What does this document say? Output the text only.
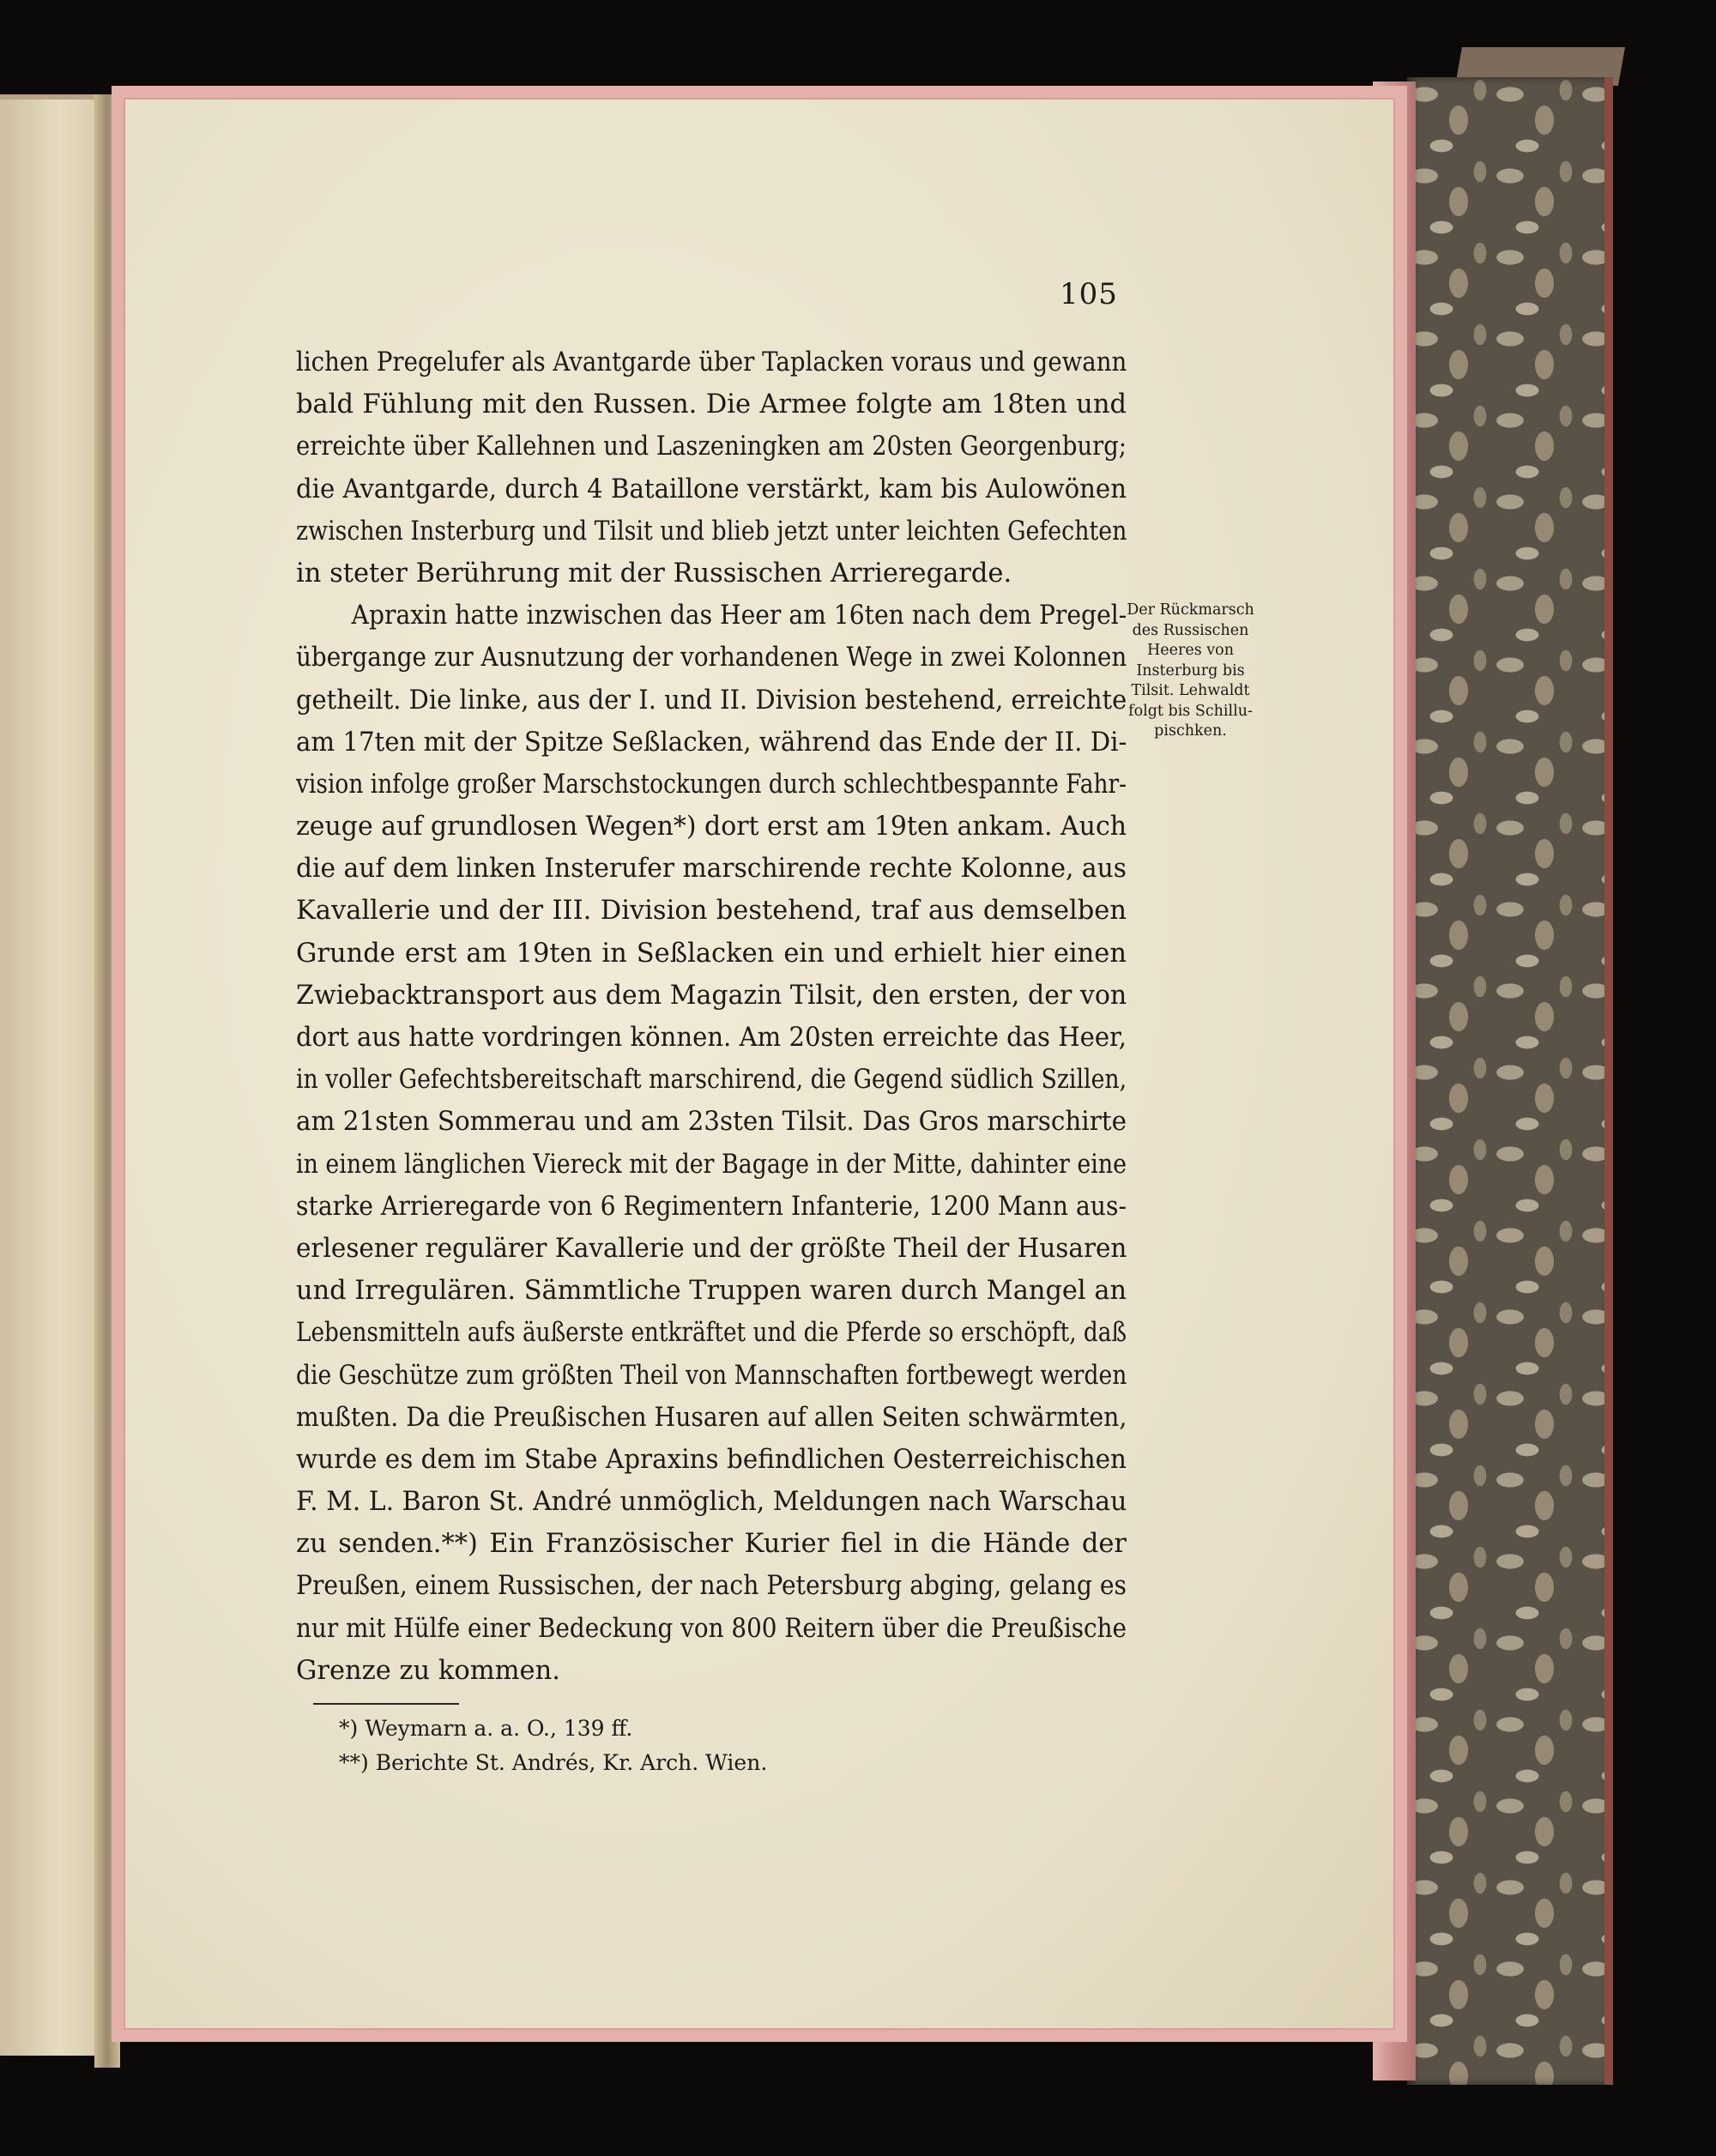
105
lichen Pregelufer als Avantgarde über Taplacken voraus und gewann
bald Fühlung mit den Russen. Die Armee folgte am 18ten und
erreichte über Kallehnen und Laszeningken am 20sten Georgenburg;
die Avantgarde, durch 4 Bataillone verstärkt, kam bis Aulowönen
zwischen Insterburg und Tilsit und blieb jetzt unter leichten Gefechten
in steter Berührung mit der Russischen Arrieregarde.
Apraxin hatte inzwischen das Heer am 16ten nach dem Pregel-
übergange zur Ausnutzung der vorhandenen Wege in zwei Kolonnen
getheilt. Die linke, aus der I. und II. Division bestehend, erreichte
am 17ten mit der Spitze Seßlacken, während das Ende der II. Di-
vision infolge großer Marschstockungen durch schlechtbespannte Fahr-
zeuge auf grundlosen Wegen*) dort erst am 19ten ankam. Auch
die auf dem linken Insterufer marschirende rechte Kolonne, aus
Kavallerie und der III. Division bestehend, traf aus demselben
Grunde erst am 19ten in Seßlacken ein und erhielt hier einen
Zwiebacktransport aus dem Magazin Tilsit, den ersten, der von
dort aus hatte vordringen können. Am 20sten erreichte das Heer,
in voller Gefechtsbereitschaft marschirend, die Gegend südlich Szillen,
am 21sten Sommerau und am 23sten Tilsit. Das Gros marschirte
in einem länglichen Viereck mit der Bagage in der Mitte, dahinter eine
starke Arrieregarde von 6 Regimentern Infanterie, 1200 Mann aus-
erlesener regulärer Kavallerie und der größte Theil der Husaren
und Irregulären. Sämmtliche Truppen waren durch Mangel an
Lebensmitteln aufs äußerste entkräftet und die Pferde so erschöpft, daß
die Geschütze zum größten Theil von Mannschaften fortbewegt werden
mußten. Da die Preußischen Husaren auf allen Seiten schwärmten,
wurde es dem im Stabe Apraxins befindlichen Oesterreichischen
F. M. L. Baron St. André unmöglich, Meldungen nach Warschau
zu senden.**) Ein Französischer Kurier fiel in die Hände der
Preußen, einem Russischen, der nach Petersburg abging, gelang es
nur mit Hülfe einer Bedeckung von 800 Reitern über die Preußische
Grenze zu kommen.
Der Rückmarsch
des Russischen
Heeres von
Insterburg bis
Tilsit. Lehwaldt
folgt bis Schillu-
pischken.
*) Weymarn a. a. O., 139 ff.
**) Berichte St. Andrés, Kr. Arch. Wien.
